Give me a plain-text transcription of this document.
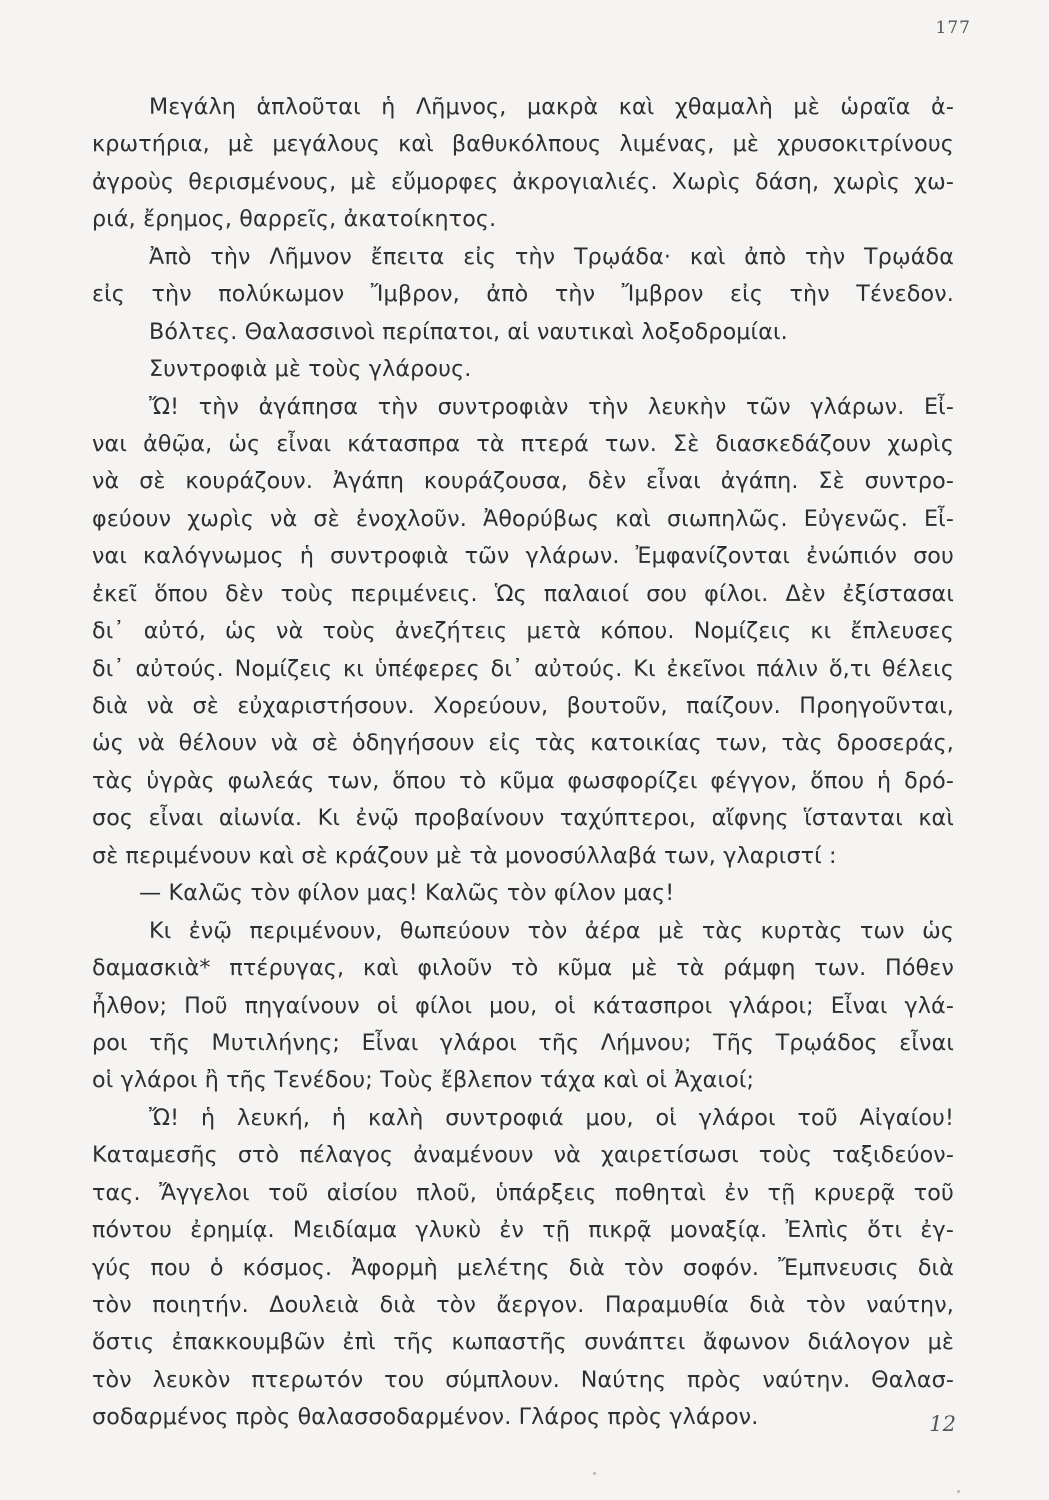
177
Μεγάλη ἁπλοῦται ἡ Λῆμνος, μακρὰ καὶ χθαμαλὴ μὲ ὡραῖα ἀ-
κρωτήρια, μὲ μεγάλους καὶ βαθυκόλπους λιμένας, μὲ χρυσοκιτρίνους
ἀγροὺς θερισμένους, μὲ εὔμορφες ἀκρογιαλιές. Χωρὶς δάση, χωρὶς χω-
ριά, ἔρημος, θαρρεῖς, ἀκατοίκητος.
Ἀπὸ τὴν Λῆμνον ἔπειτα εἰς τὴν Τρῳάδα· καὶ ἀπὸ τὴν Τρῳάδα
εἰς τὴν πολύκωμον Ἴμβρον, ἀπὸ τὴν Ἴμβρον εἰς τὴν Τένεδον.
Βόλτες. Θαλασσινοὶ περίπατοι, αἱ ναυτικαὶ λοξοδρομίαι.
Συντροφιὰ μὲ τοὺς γλάρους.
Ὤ! τὴν ἀγάπησα τὴν συντροφιὰν τὴν λευκὴν τῶν γλάρων. Εἶ-
ναι ἀθῷα, ὡς εἶναι κάτασπρα τὰ πτερά των. Σὲ διασκεδάζουν χωρὶς
νὰ σὲ κουράζουν. Ἀγάπη κουράζουσα, δὲν εἶναι ἀγάπη. Σὲ συντρο-
φεύουν χωρὶς νὰ σὲ ἐνοχλοῦν. Ἀθορύβως καὶ σιωπηλῶς. Εὐγενῶς. Εἶ-
ναι καλόγνωμος ἡ συντροφιὰ τῶν γλάρων. Ἐμφανίζονται ἐνώπιόν σου
ἐκεῖ ὅπου δὲν τοὺς περιμένεις. Ὡς παλαιοί σου φίλοι. Δὲν ἐξίστασαι
δι᾿ αὐτό, ὡς νὰ τοὺς ἀνεζήτεις μετὰ κόπου. Νομίζεις κι ἔπλευσες
δι᾿ αὐτούς. Νομίζεις κι ὑπέφερες δι᾿ αὐτούς. Κι ἐκεῖνοι πάλιν ὅ,τι θέλεις
διὰ νὰ σὲ εὐχαριστήσουν. Χορεύουν, βουτοῦν, παίζουν. Προηγοῦνται,
ὡς νὰ θέλουν νὰ σὲ ὁδηγήσουν εἰς τὰς κατοικίας των, τὰς δροσεράς,
τὰς ὑγρὰς φωλεάς των, ὅπου τὸ κῦμα φωσφορίζει φέγγον, ὅπου ἡ δρό-
σος εἶναι αἰωνία. Κι ἐνῷ προβαίνουν ταχύπτεροι, αἴφνης ἵστανται καὶ
σὲ περιμένουν καὶ σὲ κράζουν μὲ τὰ μονοσύλλαβά των, γλαριστί :
— Καλῶς τὸν φίλον μας! Καλῶς τὸν φίλον μας!
Κι ἐνῷ περιμένουν, θωπεύουν τὸν ἀέρα μὲ τὰς κυρτὰς των ὡς
δαμασκιὰ* πτέρυγας, καὶ φιλοῦν τὸ κῦμα μὲ τὰ ράμφη των. Πόθεν
ἦλθον; Ποῦ πηγαίνουν οἱ φίλοι μου, οἱ κάτασπροι γλάροι; Εἶναι γλά-
ροι τῆς Μυτιλήνης; Εἶναι γλάροι τῆς Λήμνου; Τῆς Τρῳάδος εἶναι
οἱ γλάροι ἢ τῆς Τενέδου; Τοὺς ἔβλεπον τάχα καὶ οἱ Ἀχαιοί;
Ὤ! ἡ λευκή, ἡ καλὴ συντροφιά μου, οἱ γλάροι τοῦ Αἰγαίου!
Καταμεσῆς στὸ πέλαγος ἀναμένουν νὰ χαιρετίσωσι τοὺς ταξιδεύον-
τας. Ἄγγελοι τοῦ αἰσίου πλοῦ, ὑπάρξεις ποθηταὶ ἐν τῇ κρυερᾷ τοῦ
πόντου ἐρημίᾳ. Μειδίαμα γλυκὺ ἐν τῇ πικρᾷ μοναξίᾳ. Ἐλπὶς ὅτι ἐγ-
γύς που ὁ κόσμος. Ἀφορμὴ μελέτης διὰ τὸν σοφόν. Ἔμπνευσις διὰ
τὸν ποιητήν. Δουλειὰ διὰ τὸν ἄεργον. Παραμυθία διὰ τὸν ναύτην,
ὅστις ἐπακκουμβῶν ἐπὶ τῆς κωπαστῆς συνάπτει ἄφωνον διάλογον μὲ
τὸν λευκὸν πτερωτόν του σύμπλουν. Ναύτης πρὸς ναύτην. Θαλασ-
σοδαρμένος πρὸς θαλασσοδαρμένον. Γλάρος πρὸς γλάρον.	12
